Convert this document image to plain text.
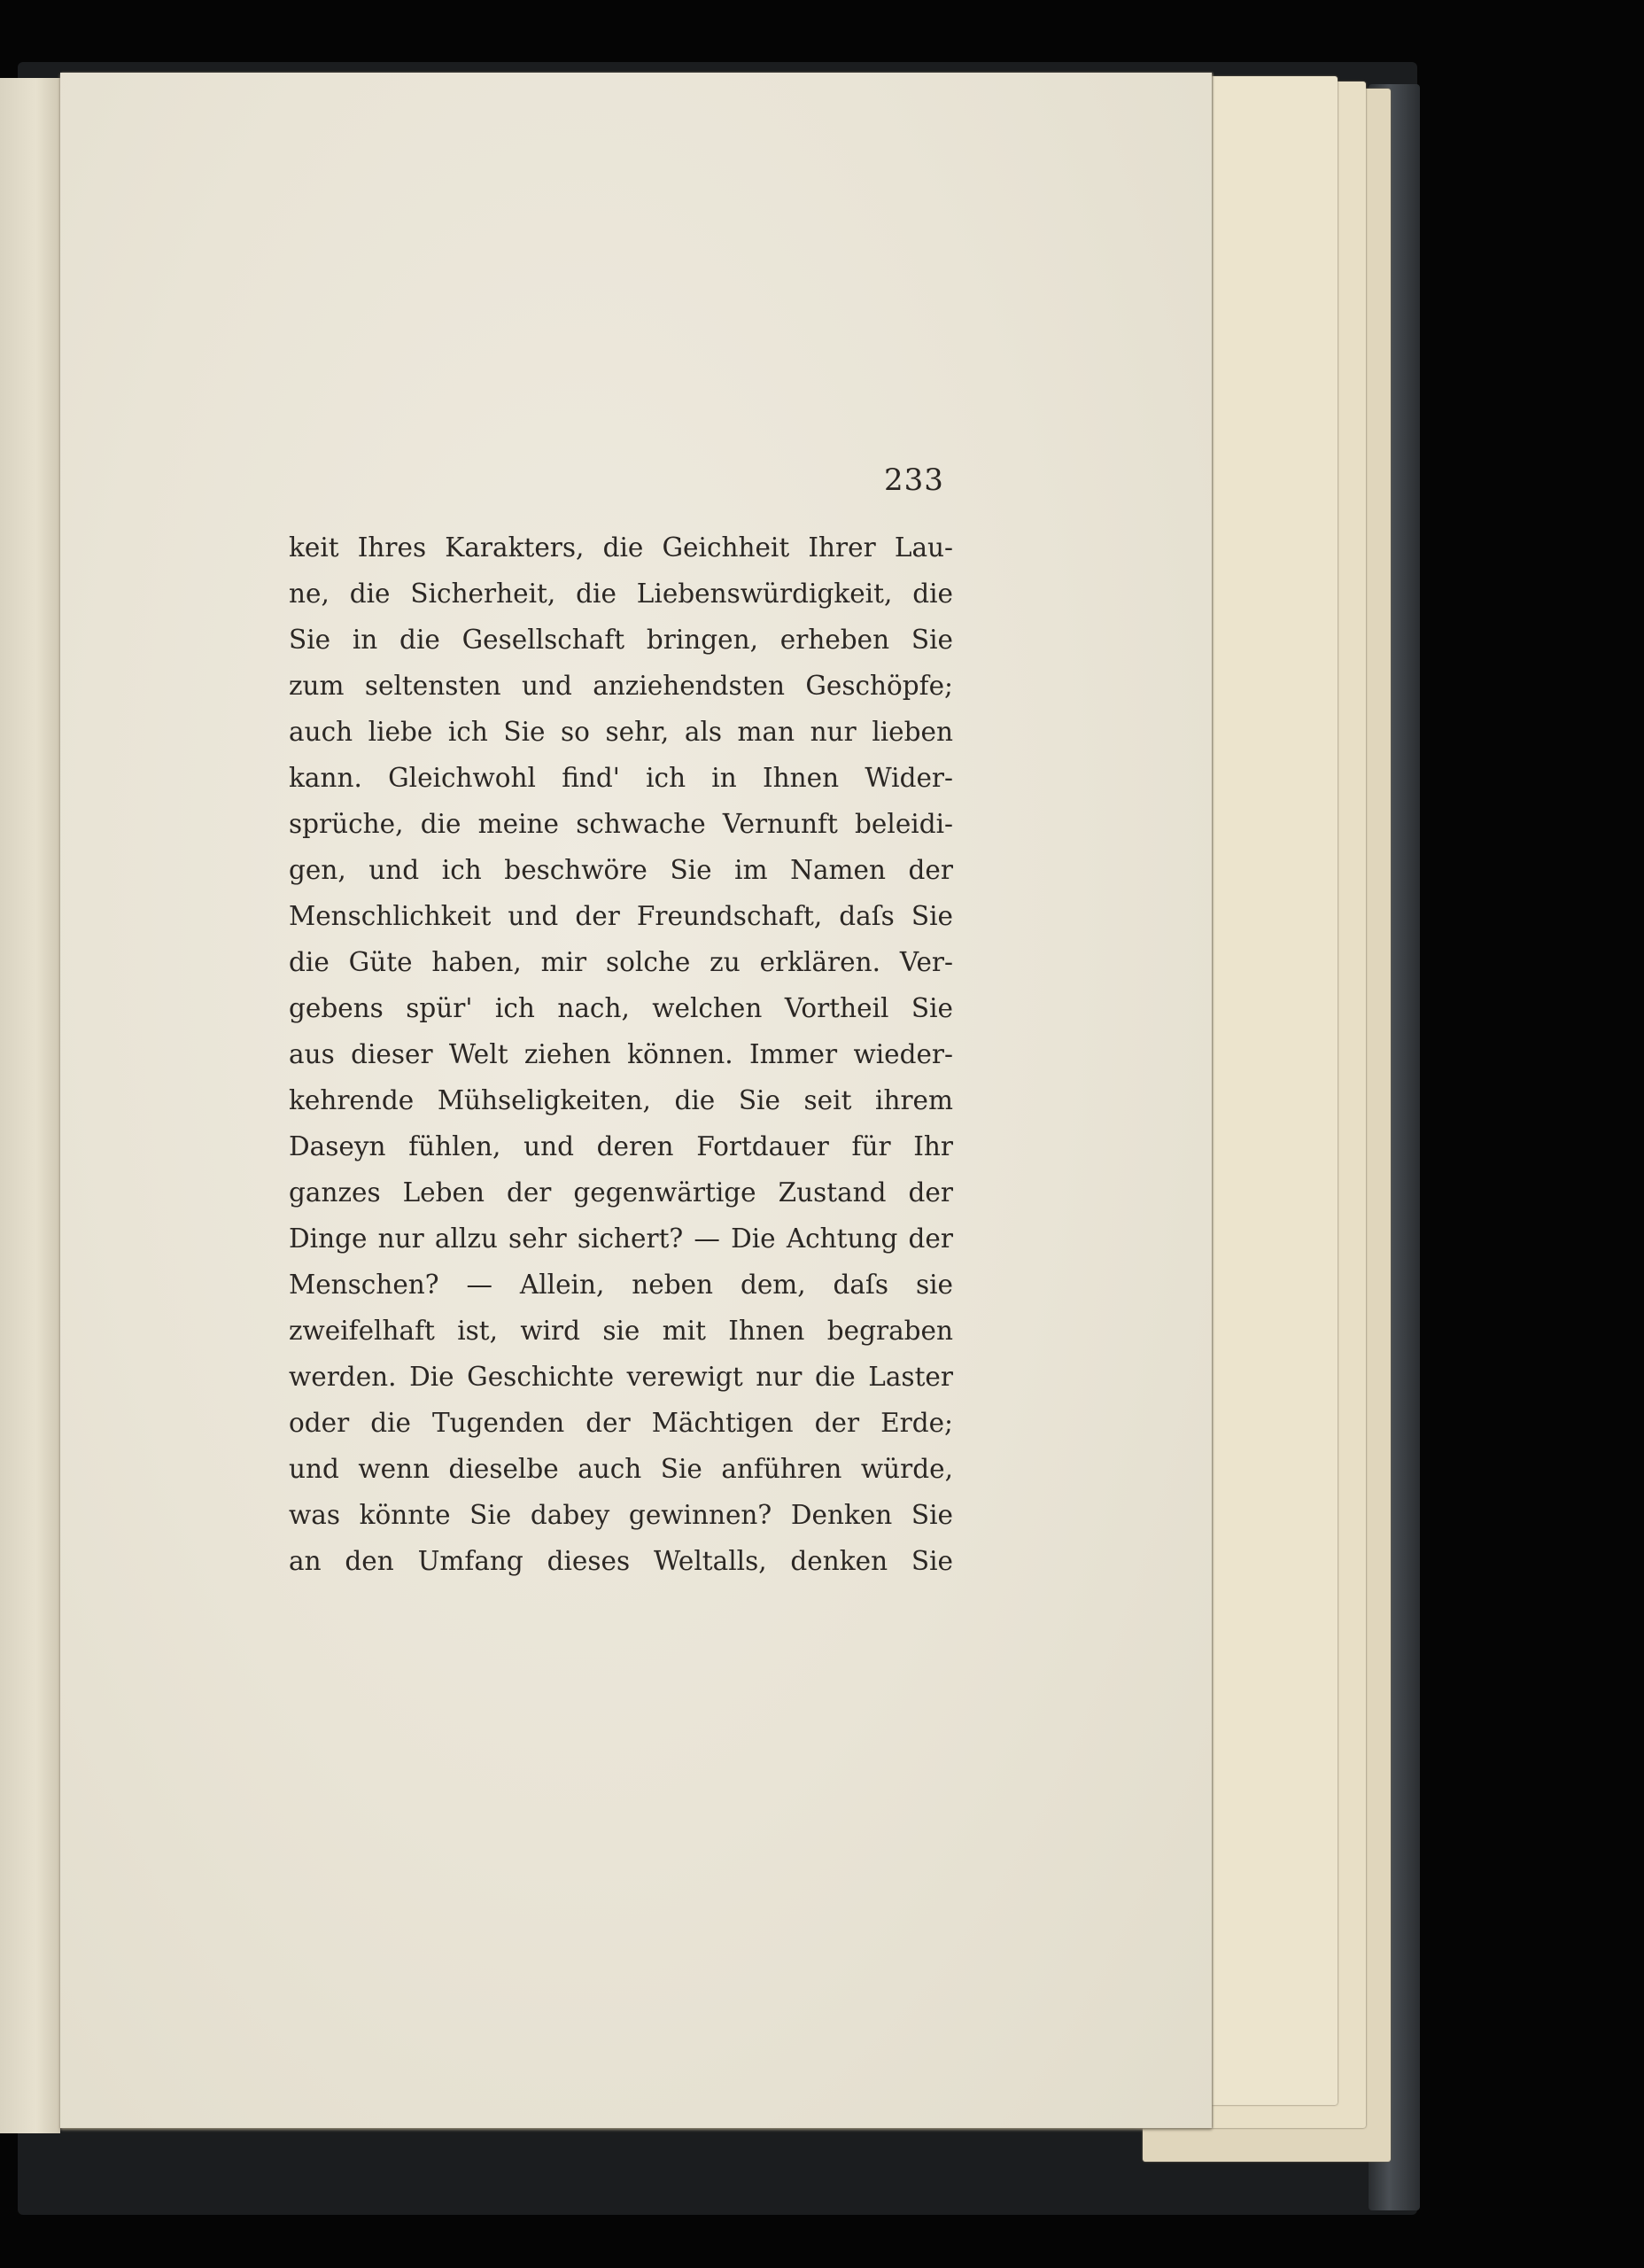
233
keit Ihres Karakters, die Geichheit Ihrer Lau-
ne, die Sicherheit, die Liebenswürdigkeit, die
Sie in die Gesellschaft bringen, erheben Sie
zum seltensten und anziehendsten Geschöpfe;
auch liebe ich Sie so sehr, als man nur lieben
kann. Gleichwohl find' ich in Ihnen Wider-
sprüche, die meine schwache Vernunft beleidi-
gen, und ich beschwöre Sie im Namen der
Menschlichkeit und der Freundschaft, daſs Sie
die Güte haben, mir solche zu erklären. Ver-
gebens spür' ich nach, welchen Vortheil Sie
aus dieser Welt ziehen können. Immer wieder-
kehrende Mühseligkeiten, die Sie seit ihrem
Daseyn fühlen, und deren Fortdauer für Ihr
ganzes Leben der gegenwärtige Zustand der
Dinge nur allzu sehr sichert? — Die Achtung der
Menschen? — Allein, neben dem, daſs sie
zweifelhaft ist, wird sie mit Ihnen begraben
werden. Die Geschichte verewigt nur die Laster
oder die Tugenden der Mächtigen der Erde;
und wenn dieselbe auch Sie anführen würde,
was könnte Sie dabey gewinnen? Denken Sie
an den Umfang dieses Weltalls, denken Sie
